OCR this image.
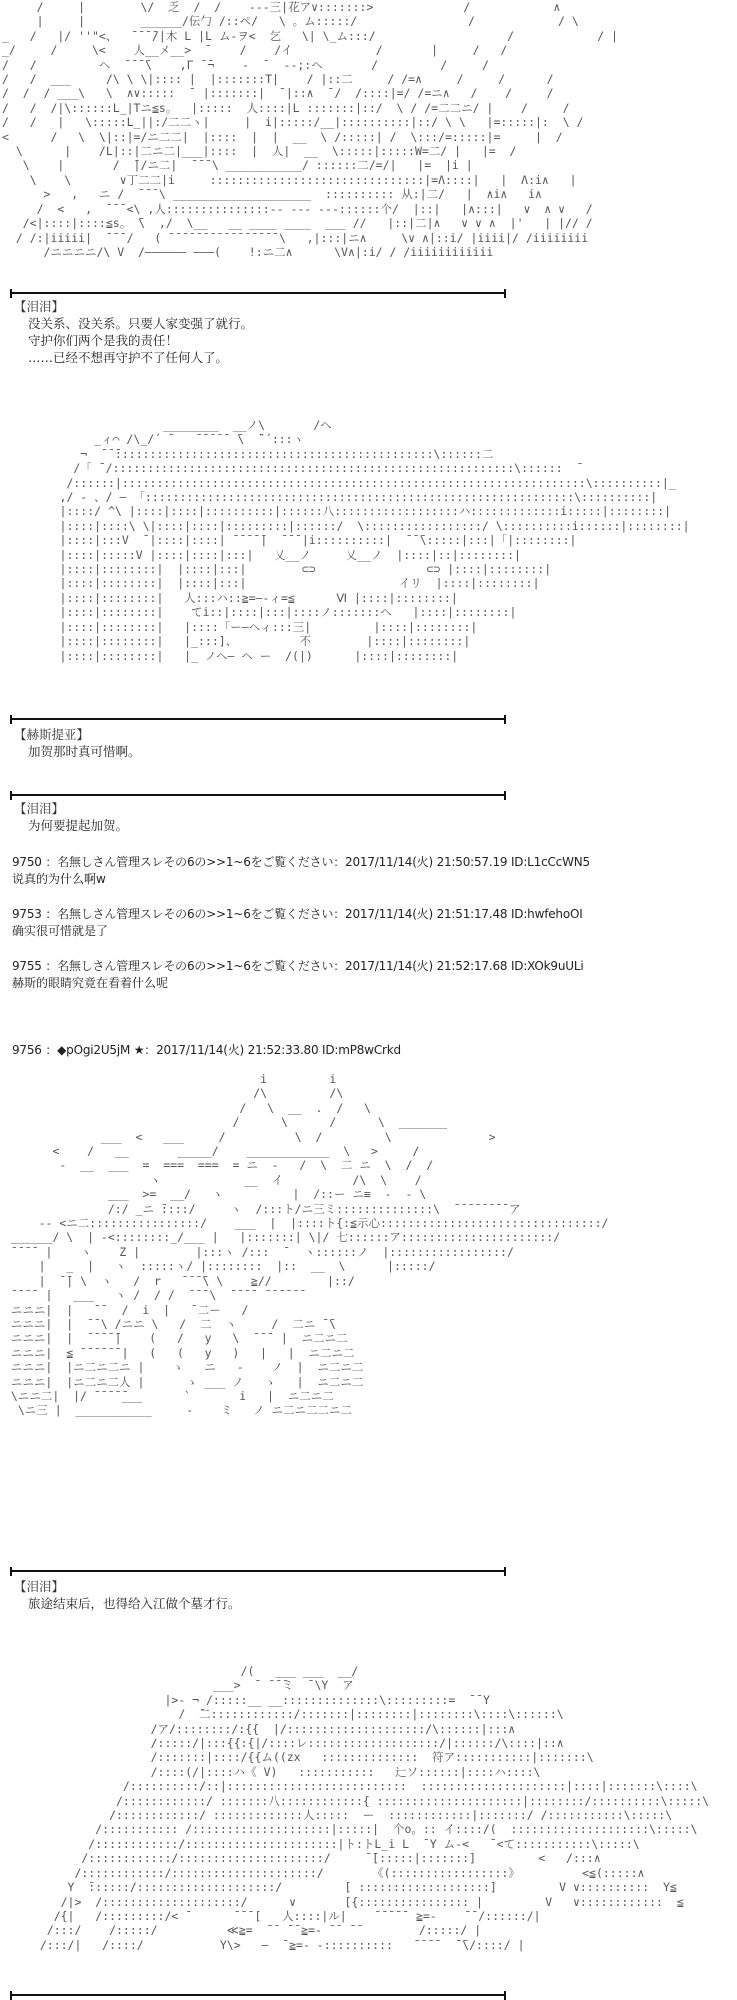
/     |        \/  乏  /  /    ---三|花ア∨:::::::>             /            ∧
|     |        ______/伝勹 /::ペ/   \ 。ム:::::/                /            / \
_   /   |/ ''"<、  ̄ ̄ ̄ ̄/|木 L |L ム-ヲ<  乞   \| \_ム:::/                   /            / |
_/     /     \<    人__メ__>  ̄     /    /イ            /       |     /   /
/   /         ヘ  ̄ ̄ ̄ ̄\    ,Г ̄ ̄¬    -  ̄   -‐;:ヘ       /         /     /
/   /  ___     /\ \ \|:::: |  |:::::::T|    / |::二     / /=∧     /     /      /
/  /  / ___\   \  ∧∨:::::  ̄  |:::::::|  ̄ |::∧  ̄ /  /::::|=/ /=ニ∧   /    /     /
/   /  /|\::::::L_|Tニ≦s。  |:::::  人::::|L :::::::|::/  \ / /=二二ニ/ |    /     /
/   /   |   \:::::L_||:/二二ヽ|     |  i|:::::/__|::::::::::|::/ \ \   |=:::::|:  \ /
<      /   \  \|::|=/ニ二二|  |::::  |  |  __  \ /:::::| /  \:::/=:::::|=     |  /
\      |    /L|::|二ニ二|___|::::  |  人|  __  \:::::|:::::W=二/ |   |=  /
\    |       /  ̄|/ニ二|  ̄ ̄ ̄ \ ___________/ ::::::二/=/|   |=  |i |
\    \       ∨丁二二|i     :::::::::::::::::::::::::::::::|=Λ::::|   |  Λ:i∧   |
>   ,   ニ /  ̄ ̄ ̄ \ ____________________  :::::::::: 从:|二/   |  ∧i∧   i∧
/  <   ,  ̄ ̄ ̄ <\ ,人:::::::::::::::-- --- ---::::::个/  |::|   |∧:::|   ∨  ∧ ∨   /
/<|::::|::::≦s。 ̄\  ,/  \__   __ ____ ____  ___ //   |::|二|∧   ∨ ∨ ∧  |'   | |// /
/ /:|iiiii|  ̄ ̄ ̄ /   ( ̄ ̄ ̄ ̄ ̄ ̄ ̄ ̄ ̄ ̄ ̄ ̄ ̄ ̄ ̄ ̄ \   ,|:::|ニ∧     \∨ ∧|::i/ |iiii|/ /iiiiiiii
/ニニニニ/\ V  /―――――― ―――(    !:ニ二∧      \V∧|:i/ / /iiiiiiiiiiii
【泪泪】
没关系、没关系。只要人家变强了就行。
守护你们两个是我的责任！
……已经不想再守护不了任何人了。
________  __ノ\       /へ
_ィ⌒ /\_/´ ̄    ̄ ̄ ̄ ̄ ̄  ̄\  ̄¨´:::ヽ
¬  ̄ ̄ ̄::::::::::::::::::::::::::::::::::::::::::::::\::::::二
/「 ̄ /::::::::::::::::::::::::::::::::::::::::::::::::::::::::::\::::::  ̄
/::::::|:::::::::::::::::::::::::::::::::::::::::::::::::::::::::::::::::::\::::::::::|_
,/ - 、/ ― 「::::::::::::::::::::::::::::::::::::::::::::::::::::::::::::::\::::::::::|
|::::/ ^\ |::::|::::|::::::::::|::::::八::::::::::::::::::ハ:::::::::::::i:::::|::::::::|
|::::|::::\ \|::::|::::|:::::::::|::::::/  \:::::::::::::::::/ \::::::::::i::::::|::::::::|
|::::|:::V  ̄ |::::|::::| ̄ ̄ ̄ ̄ ̄|  ̄ ̄ ̄ |i::::::::::|  ̄ ̄ ̄\:::::|:::|「|::::::::|
|::::|:::::V |::::|::::|:::|   乂__ノ     乂__ノ  |::::|::|::::::::|
|::::|::::::::|  |::::|:::|        ⊂⊃                ⊂⊃ |::::|::::::::|
|::::|::::::::|  |::::|:::|                      イリ  |::::|::::::::|
|::::|::::::::|   人:::ハ::≧=―-ィ=≦      Ⅵ |::::|::::::::|
|::::|::::::::|    てi::|::::|:::|::::ノ:::::::へ   |::::|::::::::|
|::::|::::::::|   |::::「ー―ヘィ:::三|         |::::|::::::::|
|::::|::::::::|   |_:::]、         不        |::::|::::::::|
|::::|::::::::|   |_ ノヘ― ヘ ー  /(|)      |::::|::::::::|
【赫斯提亚】
加贺那时真可惜啊。
【泪泪】
为何要提起加贺。
9750 ：名無しさん管理スレその6の>>1~6をご覧ください：2017/11/14(火) 21:50:57.19 ID:L1cCcWN5
说真的为什么啊w
9753 ：名無しさん管理スレその6の>>1~6をご覧ください：2017/11/14(火) 21:51:17.48 ID:hwfehoOI
确实很可惜就是了
9755 ：名無しさん管理スレその6の>>1~6をご覧ください：2017/11/14(火) 21:52:17.68 ID:XOk9uULi
赫斯的眼睛究竟在看着什么呢
9756 ：◆pOgi2U5jM ★：2017/11/14(火) 21:52:33.80 ID:mP8wCrkd
i         i
/\         /\
/   \  __  .  /   \
/      \      /      \  _______
___  <   ___     /          \  /         \              >
<    /   __       _____/    ____________  \   >     /
-  __  ___  =  ===  ===  = ニ  -   /  \  二 ニ  \  /  /
ヽ            __  イ          /\  \    /
___  >=  __/   ヽ          |  /::ー ニ≡  -  - \
/:/ _ニ ̄::::/     ヽ  /:::ト/ニ三ミ::::::::::::::\  ̄ ̄ ̄ ̄ ̄ ̄ ̄ ̄ ア
-‐ <ニ二::::::::::::::::/    ___  |  |::::ト{:≦示心::::::::::::::::::::::::::::::::/
______/ \  | -<::::::::_/___ |   |:::::::| \|/ 七::::::ア::::::::::::::::::::::/
̄ ̄ ̄ ̄  |    ヽ    Z |        |:::ヽ /:::  ̄   ヽ::::::ノ  |:::::::::::::::::/
|   _  |   ヽ  :::::ヽ/ |::::::::  |::  __  \      |:::::/
|  ̄ ̄| \  ヽ   /  r   ̄ ̄ ̄ ̄\ \    ≧//        |::/
̄ ̄ ̄ ̄  |   ___   ヽ /  / /  ̄ ̄ ̄ \  ̄ ̄ ̄ ̄  ̄ ̄ ̄ ̄ ̄ ̄
ニニニ|  |   ̄ ̄   /  i  |   ̄ 二ー   /
ニニニ|  |  ̄ ̄ \ /ニニ \   /  二  ヽ     /  二ニ ̄ ̄\
ニニニ|  |  ̄ ̄ ̄ ̄ ̄|    (   /   y   \  ̄ ̄ ̄  |  ニ二ニ二
ニニニ|  ≦ ̄ ̄ ̄ ̄ ̄ ̄ |   (   (   y   )   |   |  ニ二ニ二
ニニニ|  |ニ二ニ二ニ |    ゝ   ニ   ‐    ノ  |  ニ二ニ二
ニニニ|  |ニ二ニ二人 |      ゝ ___ ノ   ゝ   |  ニ二ニ二
\ニニ二|  |/ ̄ ̄ ̄ ̄ ̄___      `       i   |  ニ二ニ二
\ニ三 |  ___________     -    ミ   ノ ニ二ニ二二ニ二
【泪泪】
旅途结束后，也得给入江做个墓才行。
/(   ___ ___  __/
___>  ̄  ̄ ̄ ̄ミ  ̄ \Y  ア
|>- ¬ /:::::__ __::::::::::::::\:::::::::=  ̄ ̄ Y
/  ̄二::::::::::::/:::::::|::::::::|::::::::\::::\::::::\
/ア/::::::::/:{{  |/::::::::::::::::::::/\::::::|:::∧
/:::::/|:::{{:{|/::::レ:::::::::::::::::::/|::::::/\::::|::∧
/:::::::|::::/{{ム((zx   ::::::::::::::  符ア:::::::::::|:::::::\
/::::(/|::::ハ《 V)   :::::::::::   辷ソ::::::|::::ハ::::\
/::::::::::/::|::::::::::::::::::::::::::  :::::::::::::::::::::|::::|:::::::\::::\
/::::::::::::/ :::::::八::::::::::::{ :::::::::::::::::::::|::::::::/::::::::::\:::::\
/::::::::::::/ :::::::::::::人:::::  ー  ::::::::::::|:::::::/ /:::::::::::\:::::\
/::::::::::: /::::::::::::::::::::|:::::|  个o。:: イ::::/(  ::::::::::::::::::::\:::::\
/::::::::::::/::::::::::::::::::::::|ト:トL_i L  ̄ Y ム-<   ̄ <て:::::::::::\:::::\
/::::::::::::/:::::::::::::::::::::/     ̄ ̄[:::::|:::::::]         <   /:::∧
/::::::::::::/:::::::::::::::::::::/       《(:::::::::::::::::》         <≦(:::::∧
Y  ̄::::::/::::::::::::::::::::/         [ :::::::::::::::::::]         V ∨::::::::::  Y≦
/|>  /::::::::::::::::::::/      ∨       [{:::::::::::::::: |         V   ∨::::::::::::  ≦
/{|   /:::::::::/< ̄       ̄ ̄ ̄ [   人::::|ル|    ̄ ̄ ̄ ̄ ̄  ≧=-    ̄ ̄ /::::::/|
/:::/    /:::::/          ≪≧=  ̄ ̄  ̄ ̄ ≧=- ̄ ̄  ̄ ̄         /:::::/ |
/:::/|   /::::/           Y\>   ―  ̄ ≧=- -::::::::::   ̄ ̄ ̄ ̄   ̄ ̄\/::::/ |
